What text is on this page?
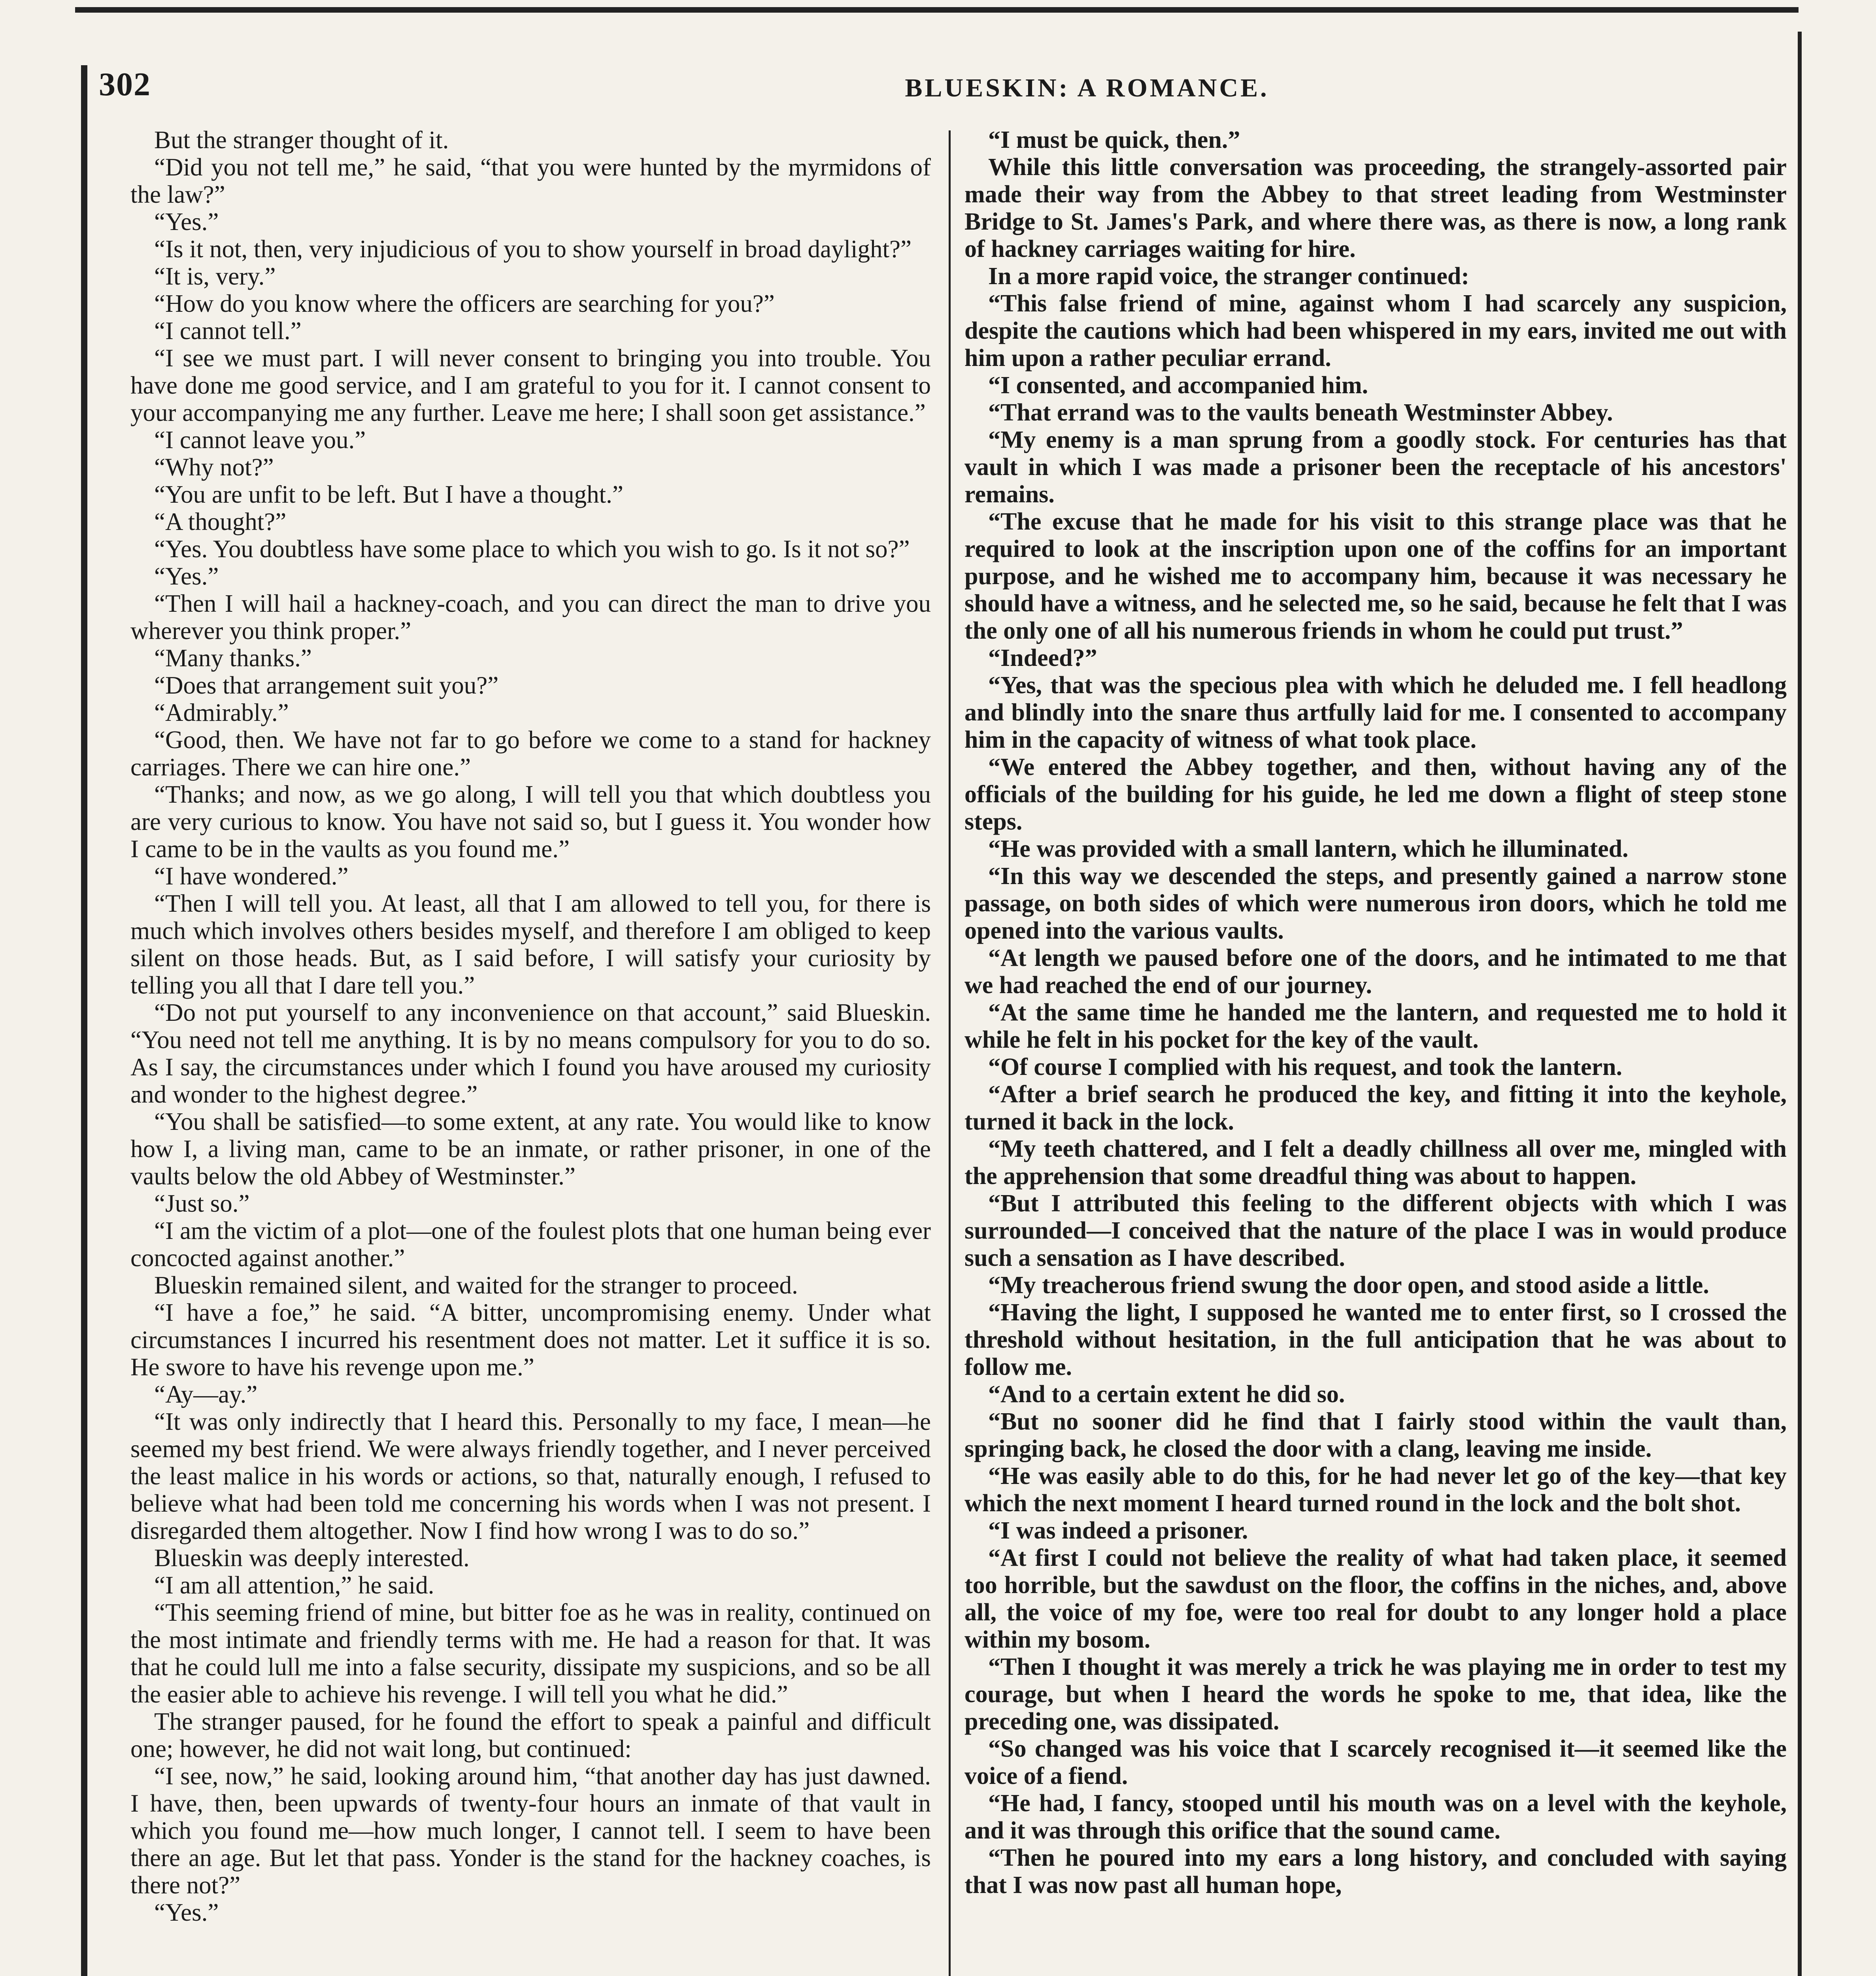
302	BLUESKIN: A ROMANCE.

But the stranger thought of it.

“Did you not tell me,” he said, “that you were hunted by the myrmidons of the law?”

“Yes.”

“Is it not, then, very injudicious of you to show yourself in broad daylight?”

“It is, very.”

“How do you know where the officers are searching for you?”

“I cannot tell.”

“I see we must part. I will never consent to bringing you into trouble. You have done me good service, and I am grateful to you for it. I cannot consent to your accompanying me any further. Leave me here; I shall soon get assistance.”

“I cannot leave you.”

“Why not?”

“You are unfit to be left. But I have a thought.”

“A thought?”

“Yes. You doubtless have some place to which you wish to go. Is it not so?”

“Yes.”

“Then I will hail a hackney-coach, and you can direct the man to drive you wherever you think proper.”

“Many thanks.”

“Does that arrangement suit you?”

“Admirably.”

“Good, then. We have not far to go before we come to a stand for hackney carriages. There we can hire one.”

“Thanks; and now, as we go along, I will tell you that which doubtless you are very curious to know. You have not said so, but I guess it. You wonder how I came to be in the vaults as you found me.”

“I have wondered.”

“Then I will tell you. At least, all that I am allowed to tell you, for there is much which involves others besides myself, and therefore I am obliged to keep silent on those heads. But, as I said before, I will satisfy your curiosity by telling you all that I dare tell you.”

“Do not put yourself to any inconvenience on that account,” said Blueskin. “You need not tell me anything. It is by no means compulsory for you to do so. As I say, the circumstances under which I found you have aroused my curiosity and wonder to the highest degree.”

“You shall be satisfied—to some extent, at any rate. You would like to know how I, a living man, came to be an inmate, or rather prisoner, in one of the vaults below the old Abbey of Westminster.”

“Just so.”

“I am the victim of a plot—one of the foulest plots that one human being ever concocted against another.”

Blueskin remained silent, and waited for the stranger to proceed.

“I have a foe,” he said. “A bitter, uncompromising enemy. Under what circumstances I incurred his resentment does not matter. Let it suffice it is so. He swore to have his revenge upon me.”

“Ay—ay.”

“It was only indirectly that I heard this. Personally to my face, I mean—he seemed my best friend. We were always friendly together, and I never perceived the least malice in his words or actions, so that, naturally enough, I refused to believe what had been told me concerning his words when I was not present. I disregarded them altogether. Now I find how wrong I was to do so.”

Blueskin was deeply interested.

“I am all attention,” he said.

“This seeming friend of mine, but bitter foe as he was in reality, continued on the most intimate and friendly terms with me. He had a reason for that. It was that he could lull me into a false security, dissipate my suspicions, and so be all the easier able to achieve his revenge. I will tell you what he did.”

The stranger paused, for he found the effort to speak a painful and difficult one; however, he did not wait long, but continued:

“I see, now,” he said, looking around him, “that another day has just dawned. I have, then, been upwards of twenty-four hours an inmate of that vault in which you found me—how much longer, I cannot tell. I seem to have been there an age. But let that pass. Yonder is the stand for the hackney coaches, is there not?”

“Yes.”

“I must be quick, then.”

While this little conversation was proceeding, the strangely-assorted pair made their way from the Abbey to that street leading from Westminster Bridge to St. James's Park, and where there was, as there is now, a long rank of hackney carriages waiting for hire.

In a more rapid voice, the stranger continued:

“This false friend of mine, against whom I had scarcely any suspicion, despite the cautions which had been whispered in my ears, invited me out with him upon a rather peculiar errand.

“I consented, and accompanied him.

“That errand was to the vaults beneath Westminster Abbey.

“My enemy is a man sprung from a goodly stock. For centuries has that vault in which I was made a prisoner been the receptacle of his ancestors' remains.

“The excuse that he made for his visit to this strange place was that he required to look at the inscription upon one of the coffins for an important purpose, and he wished me to accompany him, because it was necessary he should have a witness, and he selected me, so he said, because he felt that I was the only one of all his numerous friends in whom he could put trust.”

“Indeed?”

“Yes, that was the specious plea with which he deluded me. I fell headlong and blindly into the snare thus artfully laid for me. I consented to accompany him in the capacity of witness of what took place.

“We entered the Abbey together, and then, without having any of the officials of the building for his guide, he led me down a flight of steep stone steps.

“He was provided with a small lantern, which he illuminated.

“In this way we descended the steps, and presently gained a narrow stone passage, on both sides of which were numerous iron doors, which he told me opened into the various vaults.

“At length we paused before one of the doors, and he intimated to me that we had reached the end of our journey.

“At the same time he handed me the lantern, and requested me to hold it while he felt in his pocket for the key of the vault.

“Of course I complied with his request, and took the lantern.

“After a brief search he produced the key, and fitting it into the keyhole, turned it back in the lock.

“My teeth chattered, and I felt a deadly chillness all over me, mingled with the apprehension that some dreadful thing was about to happen.

“But I attributed this feeling to the different objects with which I was surrounded—I conceived that the nature of the place I was in would produce such a sensation as I have described.

“My treacherous friend swung the door open, and stood aside a little.

“Having the light, I supposed he wanted me to enter first, so I crossed the threshold without hesitation, in the full anticipation that he was about to follow me.

“And to a certain extent he did so.

“But no sooner did he find that I fairly stood within the vault than, springing back, he closed the door with a clang, leaving me inside.

“He was easily able to do this, for he had never let go of the key—that key which the next moment I heard turned round in the lock and the bolt shot.

“I was indeed a prisoner.

“At first I could not believe the reality of what had taken place, it seemed too horrible, but the sawdust on the floor, the coffins in the niches, and, above all, the voice of my foe, were too real for doubt to any longer hold a place within my bosom.

“Then I thought it was merely a trick he was playing me in order to test my courage, but when I heard the words he spoke to me, that idea, like the preceding one, was dissipated.

“So changed was his voice that I scarcely recognised it—it seemed like the voice of a fiend.

“He had, I fancy, stooped until his mouth was on a level with the keyhole, and it was through this orifice that the sound came.

“Then he poured into my ears a long history, and concluded with saying that I was now past all human hope,
